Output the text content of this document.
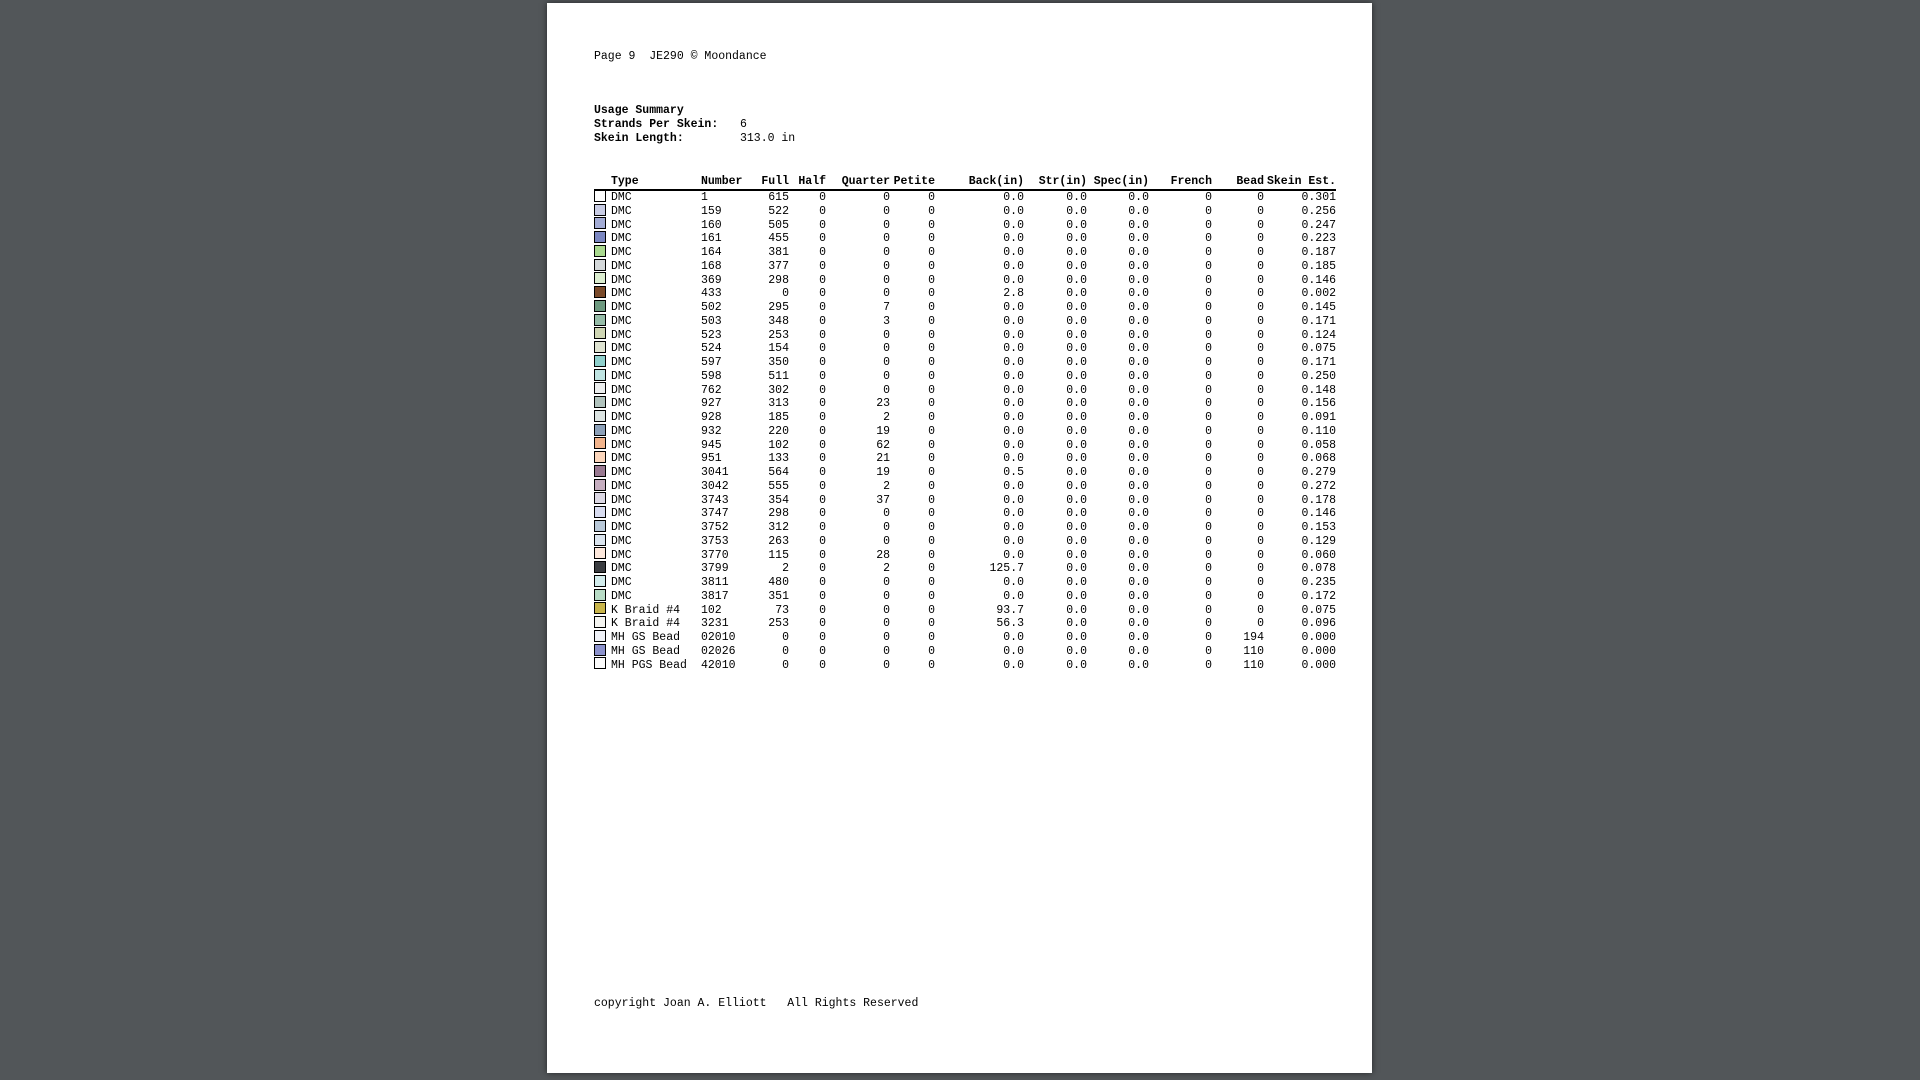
Page 9  JE290 © Moondance
Usage Summary
Strands Per Skein: 6
Skein Length:	313.0 in
	Type	Number	Full	Half	Quarter	Petite	Back(in)	Str(in)	Spec(in)	French	Bead	Skein Est.
	DMC	1	615	0	0	0	0.0	0.0	0.0	0	0	0.301
	DMC	159	522	0	0	0	0.0	0.0	0.0	0	0	0.256
	DMC	160	505	0	0	0	0.0	0.0	0.0	0	0	0.247
	DMC	161	455	0	0	0	0.0	0.0	0.0	0	0	0.223
	DMC	164	381	0	0	0	0.0	0.0	0.0	0	0	0.187
	DMC	168	377	0	0	0	0.0	0.0	0.0	0	0	0.185
	DMC	369	298	0	0	0	0.0	0.0	0.0	0	0	0.146
	DMC	433	0	0	0	0	2.8	0.0	0.0	0	0	0.002
	DMC	502	295	0	7	0	0.0	0.0	0.0	0	0	0.145
	DMC	503	348	0	3	0	0.0	0.0	0.0	0	0	0.171
	DMC	523	253	0	0	0	0.0	0.0	0.0	0	0	0.124
	DMC	524	154	0	0	0	0.0	0.0	0.0	0	0	0.075
	DMC	597	350	0	0	0	0.0	0.0	0.0	0	0	0.171
	DMC	598	511	0	0	0	0.0	0.0	0.0	0	0	0.250
	DMC	762	302	0	0	0	0.0	0.0	0.0	0	0	0.148
	DMC	927	313	0	23	0	0.0	0.0	0.0	0	0	0.156
	DMC	928	185	0	2	0	0.0	0.0	0.0	0	0	0.091
	DMC	932	220	0	19	0	0.0	0.0	0.0	0	0	0.110
	DMC	945	102	0	62	0	0.0	0.0	0.0	0	0	0.058
	DMC	951	133	0	21	0	0.0	0.0	0.0	0	0	0.068
	DMC	3041	564	0	19	0	0.5	0.0	0.0	0	0	0.279
	DMC	3042	555	0	2	0	0.0	0.0	0.0	0	0	0.272
	DMC	3743	354	0	37	0	0.0	0.0	0.0	0	0	0.178
	DMC	3747	298	0	0	0	0.0	0.0	0.0	0	0	0.146
	DMC	3752	312	0	0	0	0.0	0.0	0.0	0	0	0.153
	DMC	3753	263	0	0	0	0.0	0.0	0.0	0	0	0.129
	DMC	3770	115	0	28	0	0.0	0.0	0.0	0	0	0.060
	DMC	3799	2	0	2	0	125.7	0.0	0.0	0	0	0.078
	DMC	3811	480	0	0	0	0.0	0.0	0.0	0	0	0.235
	DMC	3817	351	0	0	0	0.0	0.0	0.0	0	0	0.172
	K Braid #4	102	73	0	0	0	93.7	0.0	0.0	0	0	0.075
	K Braid #4	3231	253	0	0	0	56.3	0.0	0.0	0	0	0.096
	MH GS Bead	02010	0	0	0	0	0.0	0.0	0.0	0	194	0.000
	MH GS Bead	02026	0	0	0	0	0.0	0.0	0.0	0	110	0.000
	MH PGS Bead	42010	0	0	0	0	0.0	0.0	0.0	0	110	0.000
copyright Joan A. Elliott   All Rights Reserved
